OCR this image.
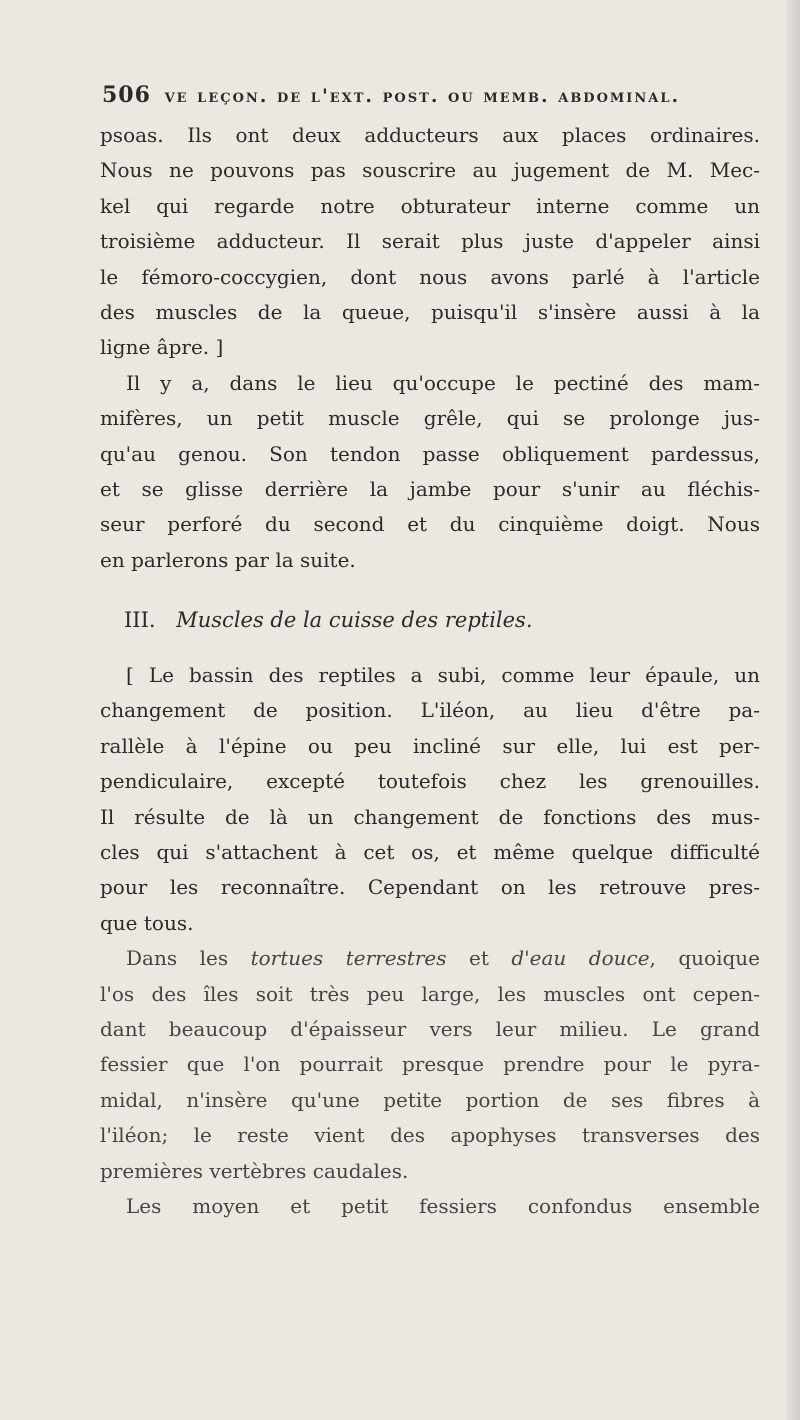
506 ve leçon. de l'ext. post. ou memb. abdominal.
psoas. Ils ont deux adducteurs aux places ordinaires.
Nous ne pouvons pas souscrire au jugement de M. Mec-
kel qui regarde notre obturateur interne comme un
troisième adducteur. Il serait plus juste d'appeler ainsi
le fémoro-coccygien, dont nous avons parlé à l'article
des muscles de la queue, puisqu'il s'insère aussi à la
ligne âpre. ]
Il y a, dans le lieu qu'occupe le pectiné des mam-
mifères, un petit muscle grêle, qui se prolonge jus-
qu'au genou. Son tendon passe obliquement pardessus,
et se glisse derrière la jambe pour s'unir au fléchis-
seur perforé du second et du cinquième doigt. Nous
en parlerons par la suite.
III. Muscles de la cuisse des reptiles.
[ Le bassin des reptiles a subi, comme leur épaule, un
changement de position. L'iléon, au lieu d'être pa-
rallèle à l'épine ou peu incliné sur elle, lui est per-
pendiculaire, excepté toutefois chez les grenouilles.
Il résulte de là un changement de fonctions des mus-
cles qui s'attachent à cet os, et même quelque difficulté
pour les reconnaître. Cependant on les retrouve pres-
que tous.
Dans les tortues terrestres et d'eau douce, quoique
l'os des îles soit très peu large, les muscles ont cepen-
dant beaucoup d'épaisseur vers leur milieu. Le grand
fessier que l'on pourrait presque prendre pour le pyra-
midal, n'insère qu'une petite portion de ses fibres à
l'iléon; le reste vient des apophyses transverses des
premières vertèbres caudales.
Les moyen et petit fessiers confondus ensemble
